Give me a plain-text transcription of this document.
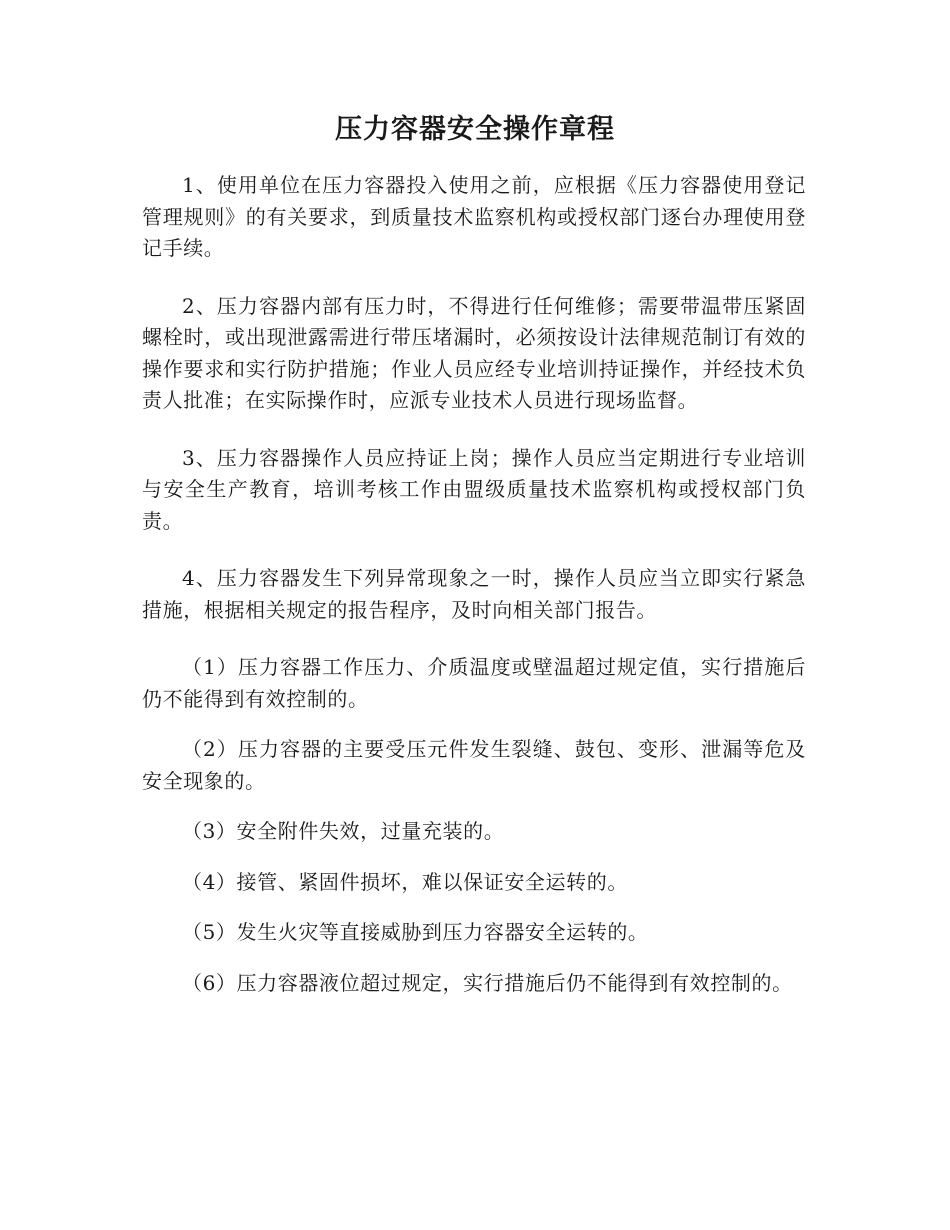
压力容器安全操作章程

1、使用单位在压力容器投入使用之前，应根据《压力容器使用登记管理规则》的有关要求，到质量技术监察机构或授权部门逐台办理使用登记手续。

2、压力容器内部有压力时，不得进行任何维修；需要带温带压紧固螺栓时，或出现泄露需进行带压堵漏时，必须按设计法律规范制订有效的操作要求和实行防护措施；作业人员应经专业培训持证操作，并经技术负责人批准；在实际操作时，应派专业技术人员进行现场监督。

3、压力容器操作人员应持证上岗；操作人员应当定期进行专业培训与安全生产教育，培训考核工作由盟级质量技术监察机构或授权部门负责。

4、压力容器发生下列异常现象之一时，操作人员应当立即实行紧急措施，根据相关规定的报告程序，及时向相关部门报告。

（1）压力容器工作压力、介质温度或壁温超过规定值，实行措施后仍不能得到有效控制的。

（2）压力容器的主要受压元件发生裂缝、鼓包、变形、泄漏等危及安全现象的。

（3）安全附件失效，过量充装的。

（4）接管、紧固件损坏，难以保证安全运转的。

（5）发生火灾等直接威胁到压力容器安全运转的。

（6）压力容器液位超过规定，实行措施后仍不能得到有效控制的。
